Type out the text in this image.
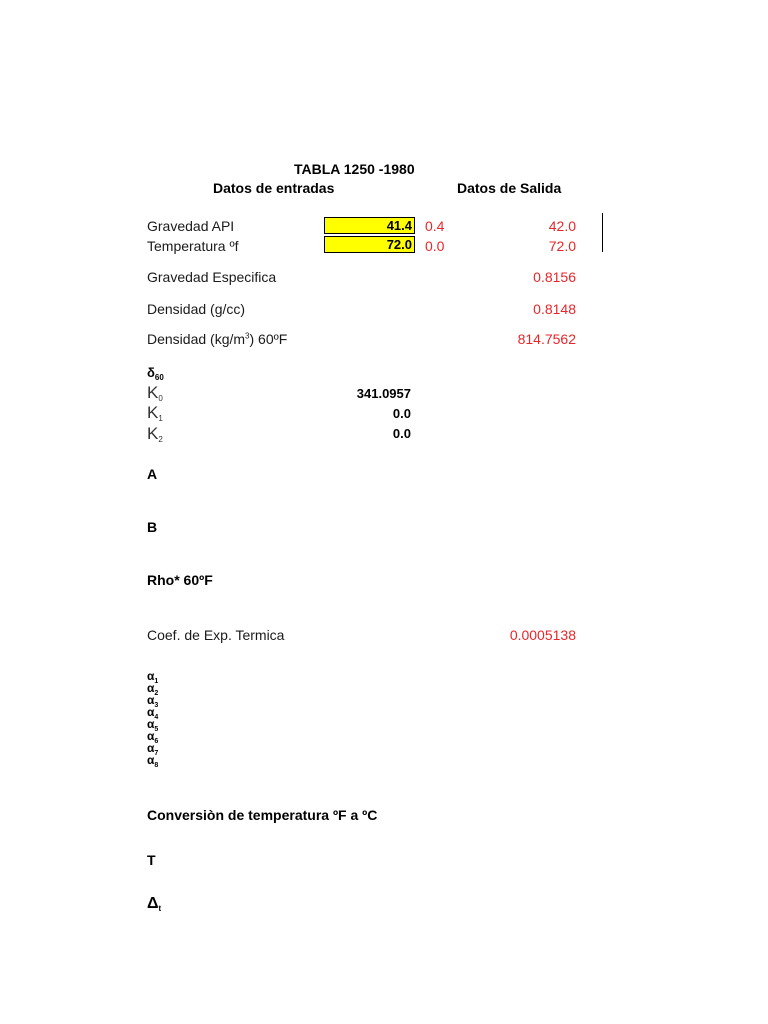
TABLA 1250 -1980
Datos de entradas	Datos de Salida
Gravedad API	41.4 0.4	42.0
Temperatura ºf	72.0 0.0	72.0
Gravedad Especifica	0.8156
Densidad (g/cc)	0.8148
Densidad $(kg/m^3)$ 60ºF	814.7562
$\delta_{60}$
$K_0$	341.0957
$K_1$	0.0
$K_2$	0.0
A
B
Rho* 60ºF
Coef. de Exp. Termica	0.0005138
$\alpha_1$
$\alpha_2$
$\alpha_3$
$\alpha_4$
$\alpha_5$
$\alpha_6$
$\alpha_7$
$\alpha_8$
Conversiòn de temperatura ºF a ºC
T
$\Delta_t$
